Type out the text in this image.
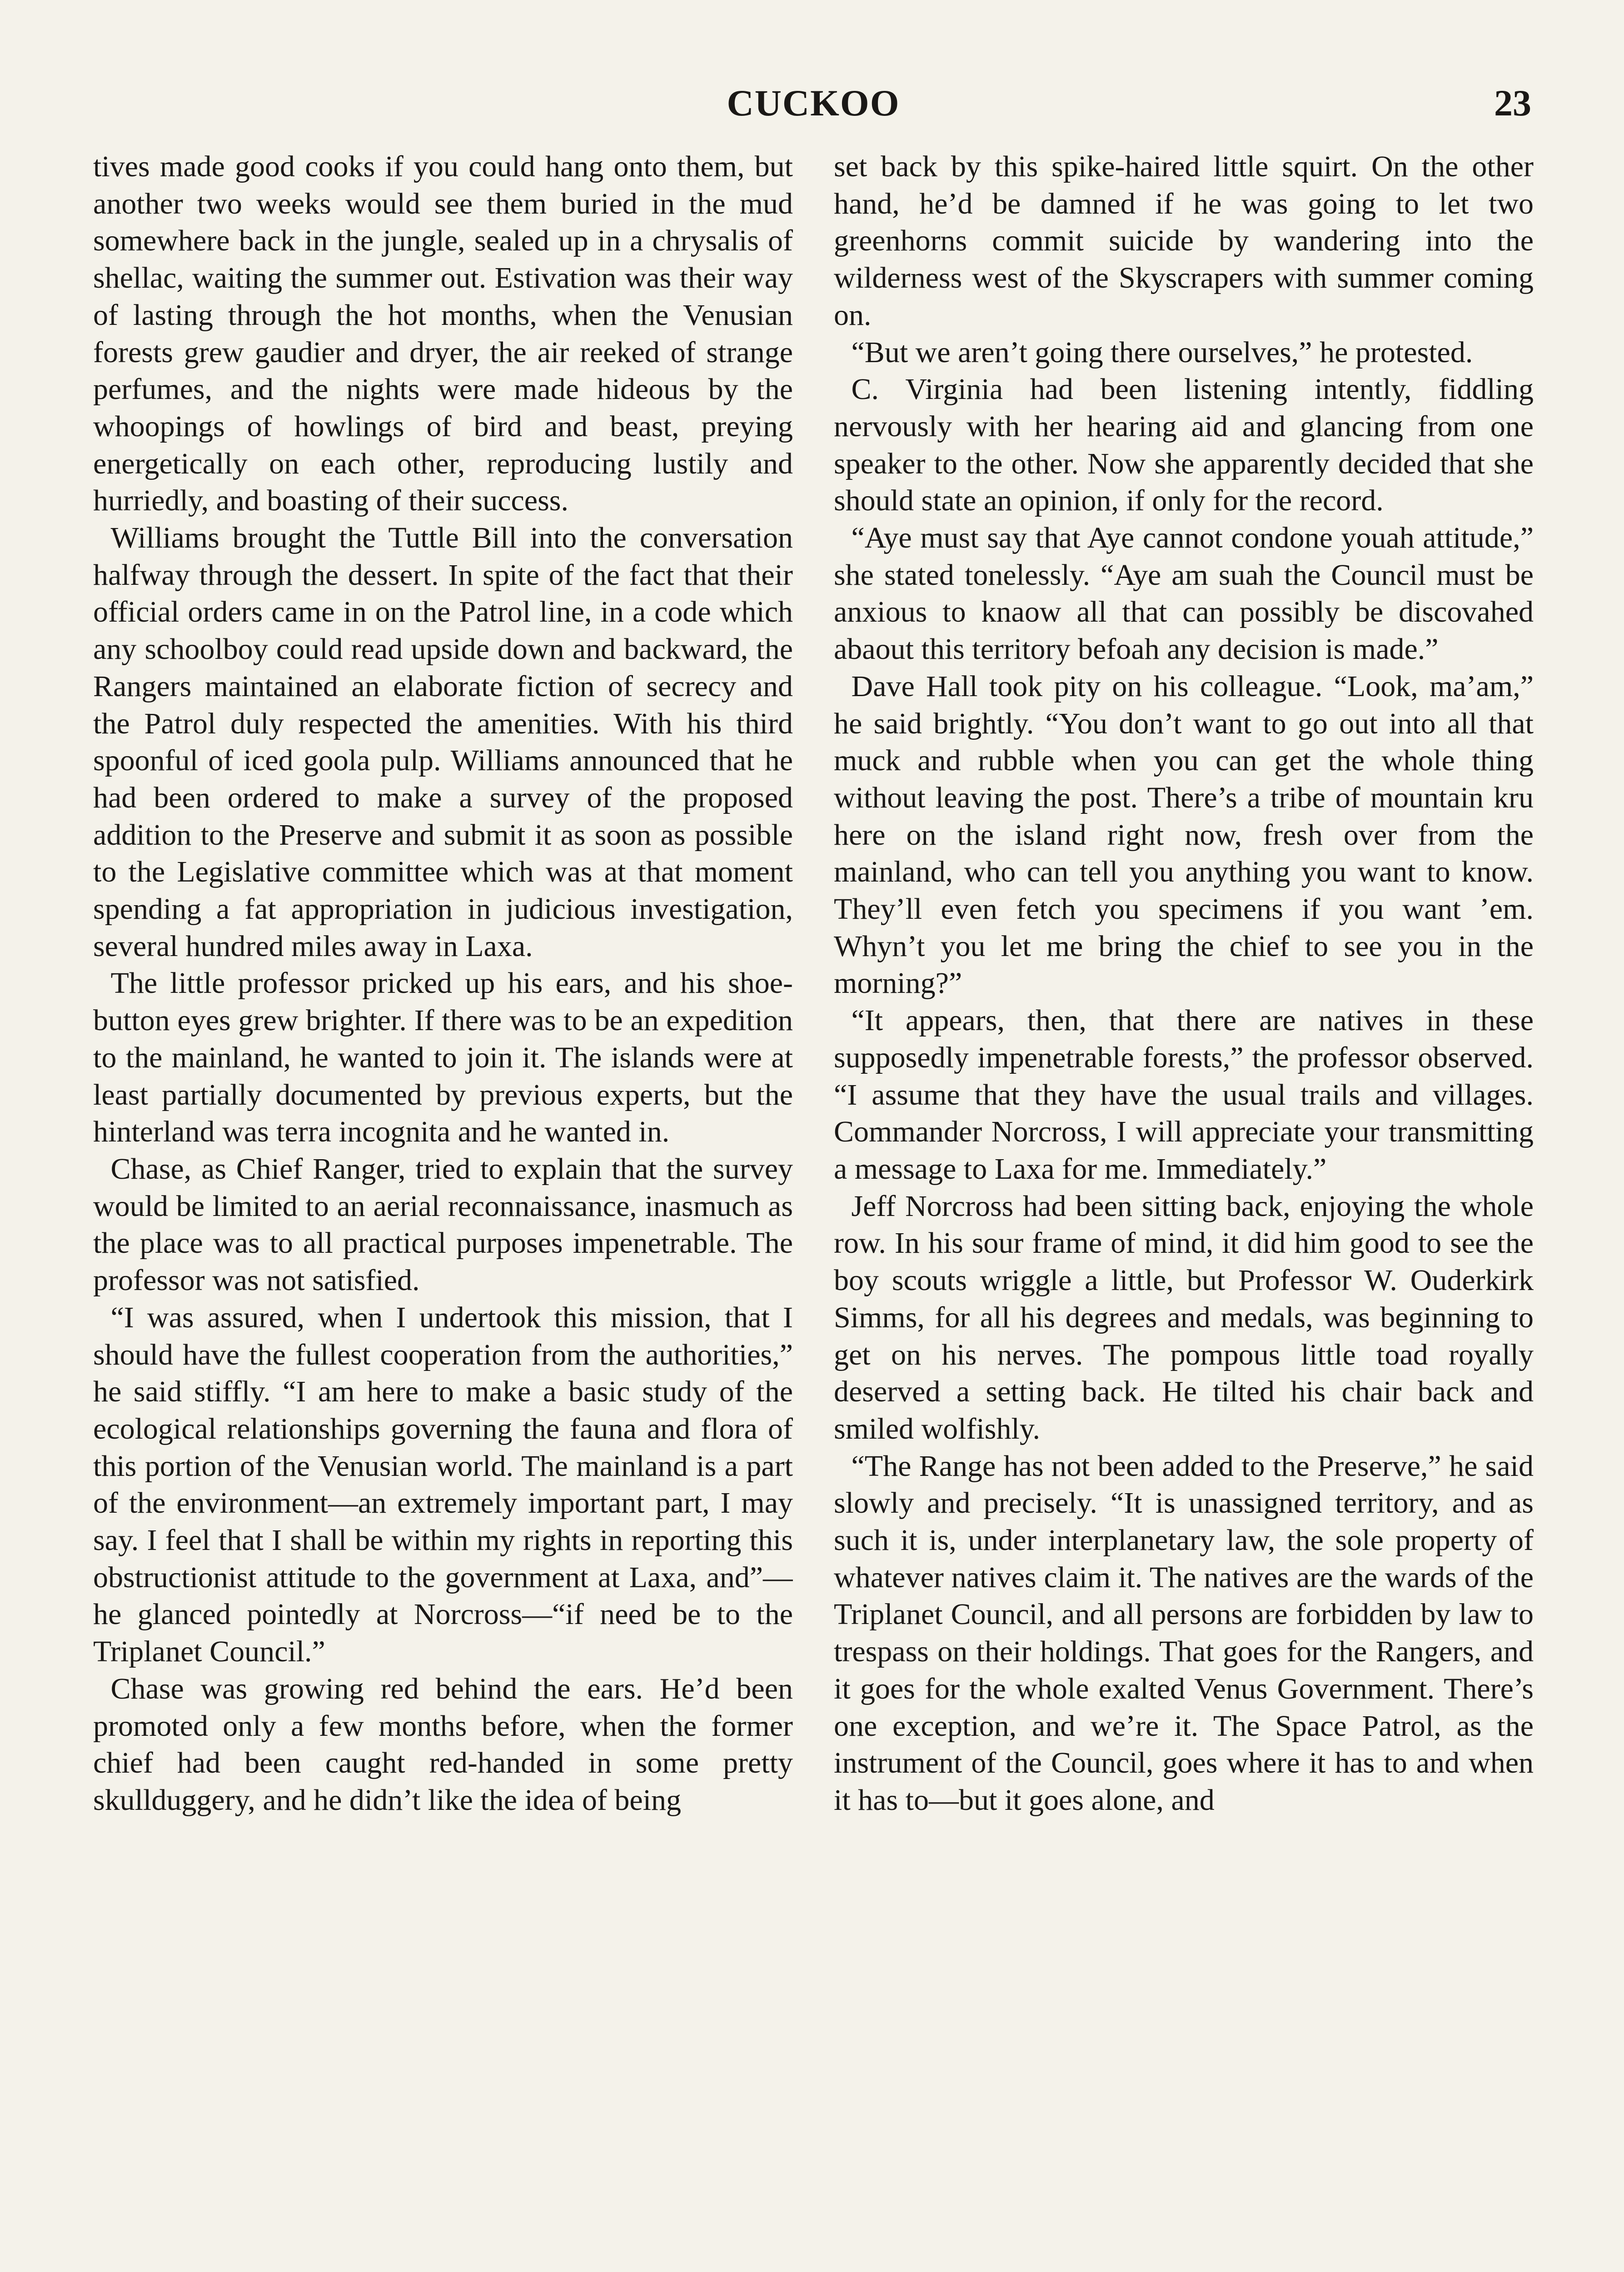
CUCKOO	23

tives made good cooks if you could hang onto them, but another two weeks would see them buried in the mud somewhere back in the jungle, sealed up in a chrysalis of shellac, waiting the summer out. Estivation was their way of lasting through the hot months, when the Venusian forests grew gaudier and dryer, the air reeked of strange perfumes, and the nights were made hideous by the whoopings of howlings of bird and beast, preying energetically on each other, reproducing lustily and hurriedly, and boasting of their success.

Williams brought the Tuttle Bill into the conversation halfway through the dessert. In spite of the fact that their official orders came in on the Patrol line, in a code which any schoolboy could read upside down and backward, the Rangers maintained an elaborate fiction of secrecy and the Patrol duly respected the amenities. With his third spoonful of iced goola pulp. Williams announced that he had been ordered to make a survey of the proposed addition to the Preserve and submit it as soon as possible to the Legislative committee which was at that moment spending a fat appropriation in judicious investigation, several hundred miles away in Laxa.

The little professor pricked up his ears, and his shoe-button eyes grew brighter. If there was to be an expedition to the mainland, he wanted to join it. The islands were at least partially documented by previous experts, but the hinterland was terra incognita and he wanted in.

Chase, as Chief Ranger, tried to explain that the survey would be limited to an aerial reconnaissance, inasmuch as the place was to all practical purposes impenetrable. The professor was not satisfied.

“I was assured, when I undertook this mission, that I should have the fullest cooperation from the authorities,” he said stiffly. “I am here to make a basic study of the ecological relationships governing the fauna and flora of this portion of the Venusian world. The mainland is a part of the environment—an extremely important part, I may say. I feel that I shall be within my rights in reporting this obstructionist attitude to the government at Laxa, and”—he glanced pointedly at Norcross—“if need be to the Triplanet Council.”

Chase was growing red behind the ears. He’d been promoted only a few months before, when the former chief had been caught red-handed in some pretty skullduggery, and he didn’t like the idea of being

set back by this spike-haired little squirt. On the other hand, he’d be damned if he was going to let two greenhorns commit suicide by wandering into the wilderness west of the Skyscrapers with summer coming on.

“But we aren’t going there ourselves,” he protested.

C. Virginia had been listening intently, fiddling nervously with her hearing aid and glancing from one speaker to the other. Now she apparently decided that she should state an opinion, if only for the record.

“Aye must say that Aye cannot condone youah attitude,” she stated tonelessly. “Aye am suah the Council must be anxious to knaow all that can possibly be discovahed abaout this territory befoah any decision is made.”

Dave Hall took pity on his colleague. “Look, ma’am,” he said brightly. “You don’t want to go out into all that muck and rubble when you can get the whole thing without leaving the post. There’s a tribe of mountain kru here on the island right now, fresh over from the mainland, who can tell you anything you want to know. They’ll even fetch you specimens if you want ’em. Whyn’t you let me bring the chief to see you in the morning?”

“It appears, then, that there are natives in these supposedly impenetrable forests,” the professor observed. “I assume that they have the usual trails and villages. Commander Norcross, I will appreciate your transmitting a message to Laxa for me. Immediately.”

Jeff Norcross had been sitting back, enjoying the whole row. In his sour frame of mind, it did him good to see the boy scouts wriggle a little, but Professor W. Ouderkirk Simms, for all his degrees and medals, was beginning to get on his nerves. The pompous little toad royally deserved a setting back. He tilted his chair back and smiled wolfishly.

“The Range has not been added to the Preserve,” he said slowly and precisely. “It is unassigned territory, and as such it is, under interplanetary law, the sole property of whatever natives claim it. The natives are the wards of the Triplanet Council, and all persons are forbidden by law to trespass on their holdings. That goes for the Rangers, and it goes for the whole exalted Venus Government. There’s one exception, and we’re it. The Space Patrol, as the instrument of the Council, goes where it has to and when it has to—but it goes alone, and
